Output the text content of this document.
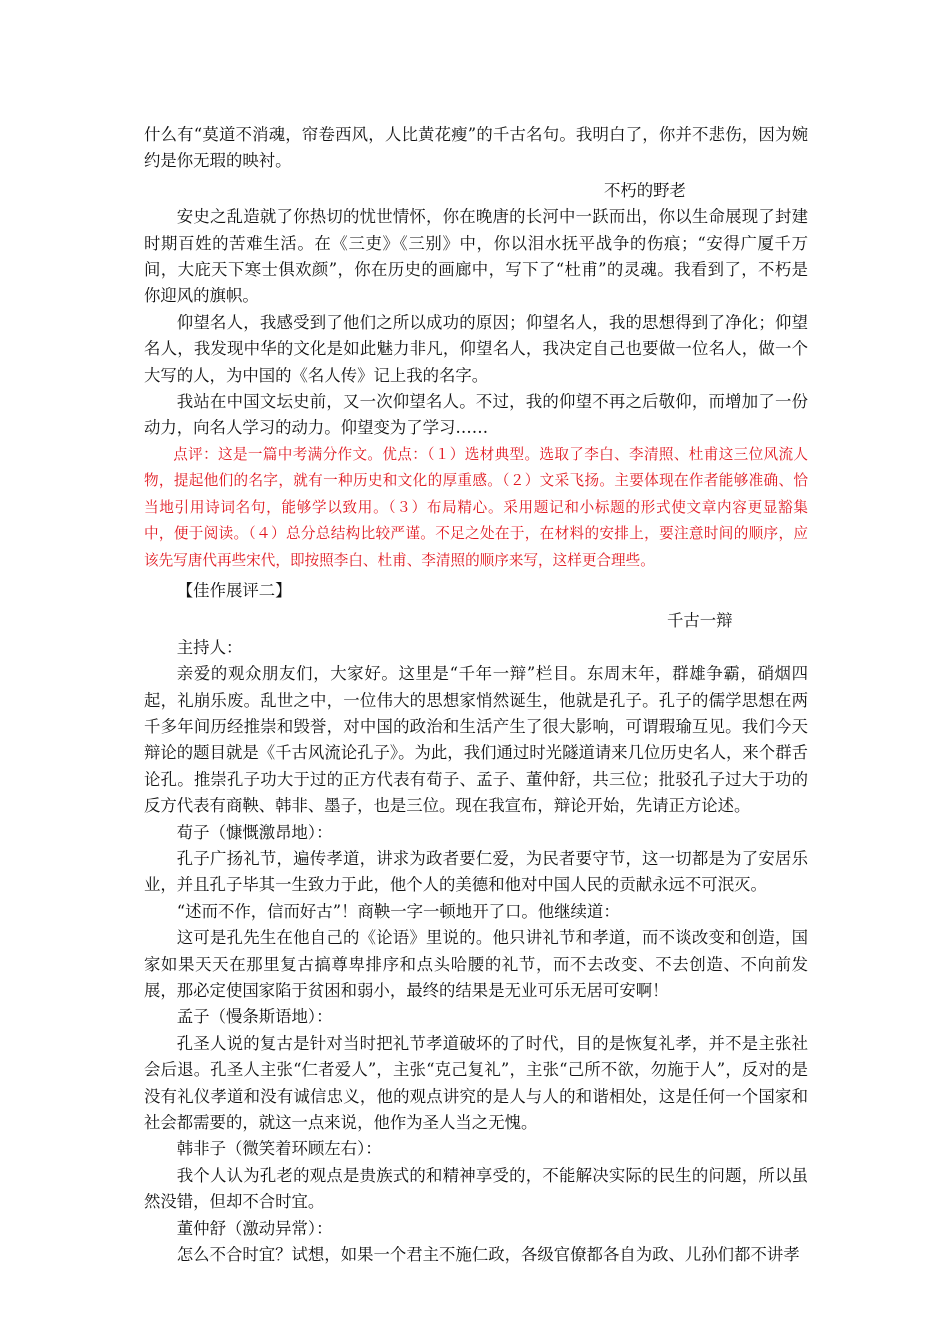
什么有“莫道不消魂，帘卷西风，人比黄花瘦”的千古名句。我明白了，你并不悲伤，因为婉约是你无瑕的映衬。

不朽的野老

安史之乱造就了你热切的忧世情怀，你在晚唐的长河中一跃而出，你以生命展现了封建时期百姓的苦难生活。在《三吏》《三别》中，你以泪水抚平战争的伤痕；“安得广厦千万间，大庇天下寒士俱欢颜”，你在历史的画廊中，写下了“杜甫”的灵魂。我看到了，不朽是你迎风的旗帜。

仰望名人，我感受到了他们之所以成功的原因；仰望名人，我的思想得到了净化；仰望名人，我发现中华的文化是如此魅力非凡，仰望名人，我决定自己也要做一位名人，做一个大写的人，为中国的《名人传》记上我的名字。

我站在中国文坛史前，又一次仰望名人。不过，我的仰望不再之后敬仰，而增加了一份动力，向名人学习的动力。仰望变为了学习……

点评：这是一篇中考满分作文。优点：（１）选材典型。选取了李白、李清照、杜甫这三位风流人物，提起他们的名字，就有一种历史和文化的厚重感。（２）文采飞扬。主要体现在作者能够准确、恰当地引用诗词名句，能够学以致用。（３）布局精心。采用题记和小标题的形式使文章内容更显豁集中，便于阅读。（４）总分总结构比较严谨。不足之处在于，在材料的安排上，要注意时间的顺序，应该先写唐代再些宋代，即按照李白、杜甫、李清照的顺序来写，这样更合理些。

【佳作展评二】

千古一辩

主持人：

亲爱的观众朋友们，大家好。这里是“千年一辩”栏目。东周末年，群雄争霸，硝烟四起，礼崩乐废。乱世之中，一位伟大的思想家悄然诞生，他就是孔子。孔子的儒学思想在两千多年间历经推崇和毁誉，对中国的政治和生活产生了很大影响，可谓瑕瑜互见。我们今天辩论的题目就是《千古风流论孔子》。为此，我们通过时光隧道请来几位历史名人，来个群舌论孔。推崇孔子功大于过的正方代表有荀子、孟子、董仲舒，共三位；批驳孔子过大于功的反方代表有商鞅、韩非、墨子，也是三位。现在我宣布，辩论开始，先请正方论述。

荀子（慷慨激昂地）：

孔子广扬礼节，遍传孝道，讲求为政者要仁爱，为民者要守节，这一切都是为了安居乐业，并且孔子毕其一生致力于此，他个人的美德和他对中国人民的贡献永远不可泯灭。

“述而不作，信而好古”！商鞅一字一顿地开了口。他继续道：

这可是孔先生在他自己的《论语》里说的。他只讲礼节和孝道，而不谈改变和创造，国家如果天天在那里复古搞尊卑排序和点头哈腰的礼节，而不去改变、不去创造、不向前发展，那必定使国家陷于贫困和弱小，最终的结果是无业可乐无居可安啊！

孟子（慢条斯语地）：

孔圣人说的复古是针对当时把礼节孝道破坏的了时代，目的是恢复礼孝，并不是主张社会后退。孔圣人主张“仁者爱人”，主张“克己复礼”，主张“己所不欲，勿施于人”，反对的是没有礼仪孝道和没有诚信忠义，他的观点讲究的是人与人的和谐相处，这是任何一个国家和社会都需要的，就这一点来说，他作为圣人当之无愧。

韩非子（微笑着环顾左右）：

我个人认为孔老的观点是贵族式的和精神享受的，不能解决实际的民生的问题，所以虽然没错，但却不合时宜。

董仲舒（激动异常）：

怎么不合时宜？试想，如果一个君主不施仁政，各级官僚都各自为政、儿孙们都不讲孝
